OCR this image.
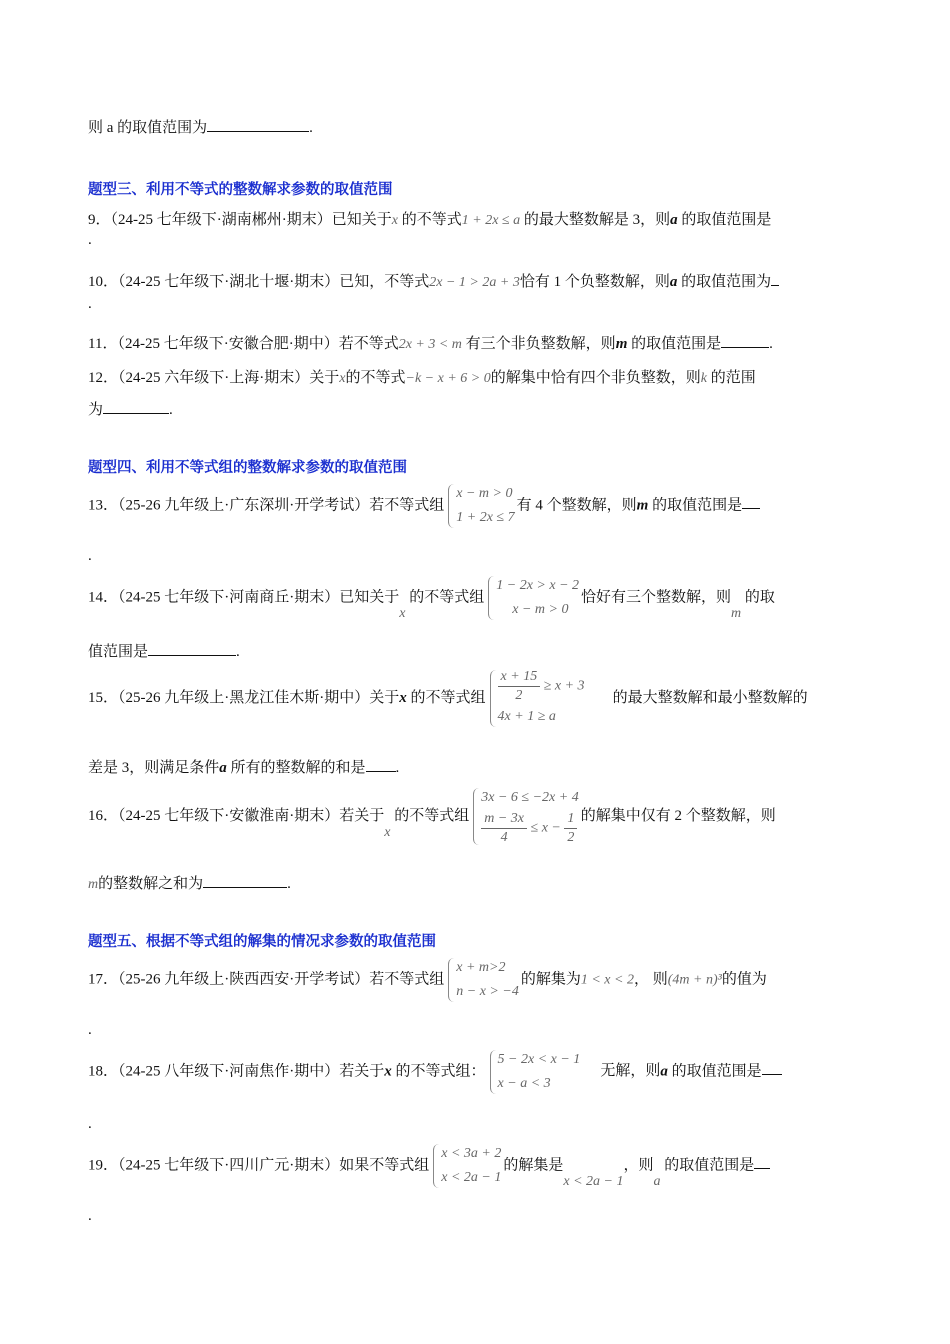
则 a 的取值范围为	.
题型三、利用不等式的整数解求参数的取值范围
9．（24-25 七年级下·湖南郴州·期末）已知关于x 的不等式1 + 2x ≤ a 的最大整数解是 3，则a 的取值范围是
.
10．（24-25 七年级下·湖北十堰·期末）已知，不等式2x − 1 > 2a + 3恰有 1 个负整数解，则a 的取值范围为
.
11．（24-25 七年级下·安徽合肥·期中）若不等式2x + 3 < m 有三个非负整数解，则m 的取值范围是	.
12．（24-25 六年级下·上海·期末）关于x的不等式−k − x + 6 > 0的解集中恰有四个非负整数，则k 的范围
为	.
题型四、利用不等式组的整数解求参数的取值范围
13．（25-26 九年级上·广东深圳·开学考试）若不等式组
x − m > 0
1 + 2x ≤ 7
有 4 个整数解，则m 的取值范围是
.
14．（24-25 七年级下·河南商丘·期末）已知关于x 的不等式组
1 − 2x > x − 2
x − m > 0
恰好有三个整数解，则m 的取
值范围是	.
15．（25-26 九年级上·黑龙江佳木斯·期中）关于x 的不等式组 $\frac{x + 15}{2} \ge x + 3$
4x + 1 ≥ a
的最大整数解和最小整数解的
差是 3，则满足条件a 所有的整数解的和是 .
16．（24-25 七年级下·安徽淮南·期末）若关于x 的不等式组
3x − 6 ≤ −2x + 4
$\frac{m - 3x}{4} \le x - \frac{1}{2}$ 的解集中仅有 2 个整数解，则
m的整数解之和为	.
题型五、根据不等式组的解集的情况求参数的取值范围
17．（25-26 九年级上·陕西西安·开学考试）若不等式组
x + m>2
n − x > −4
的解集为1 < x < 2， 则(4m + n)³的值为
.
18．（24-25 八年级下·河南焦作·期中）若关于x 的不等式组：
5 − 2x < x − 1
x − a < 3
无解，则a 的取值范围是
.
19．（24-25 七年级下·四川广元·期末）如果不等式组
x < 3a + 2
x < 2a − 1
的解集是x < 2a − 1，则a 的取值范围是
.
